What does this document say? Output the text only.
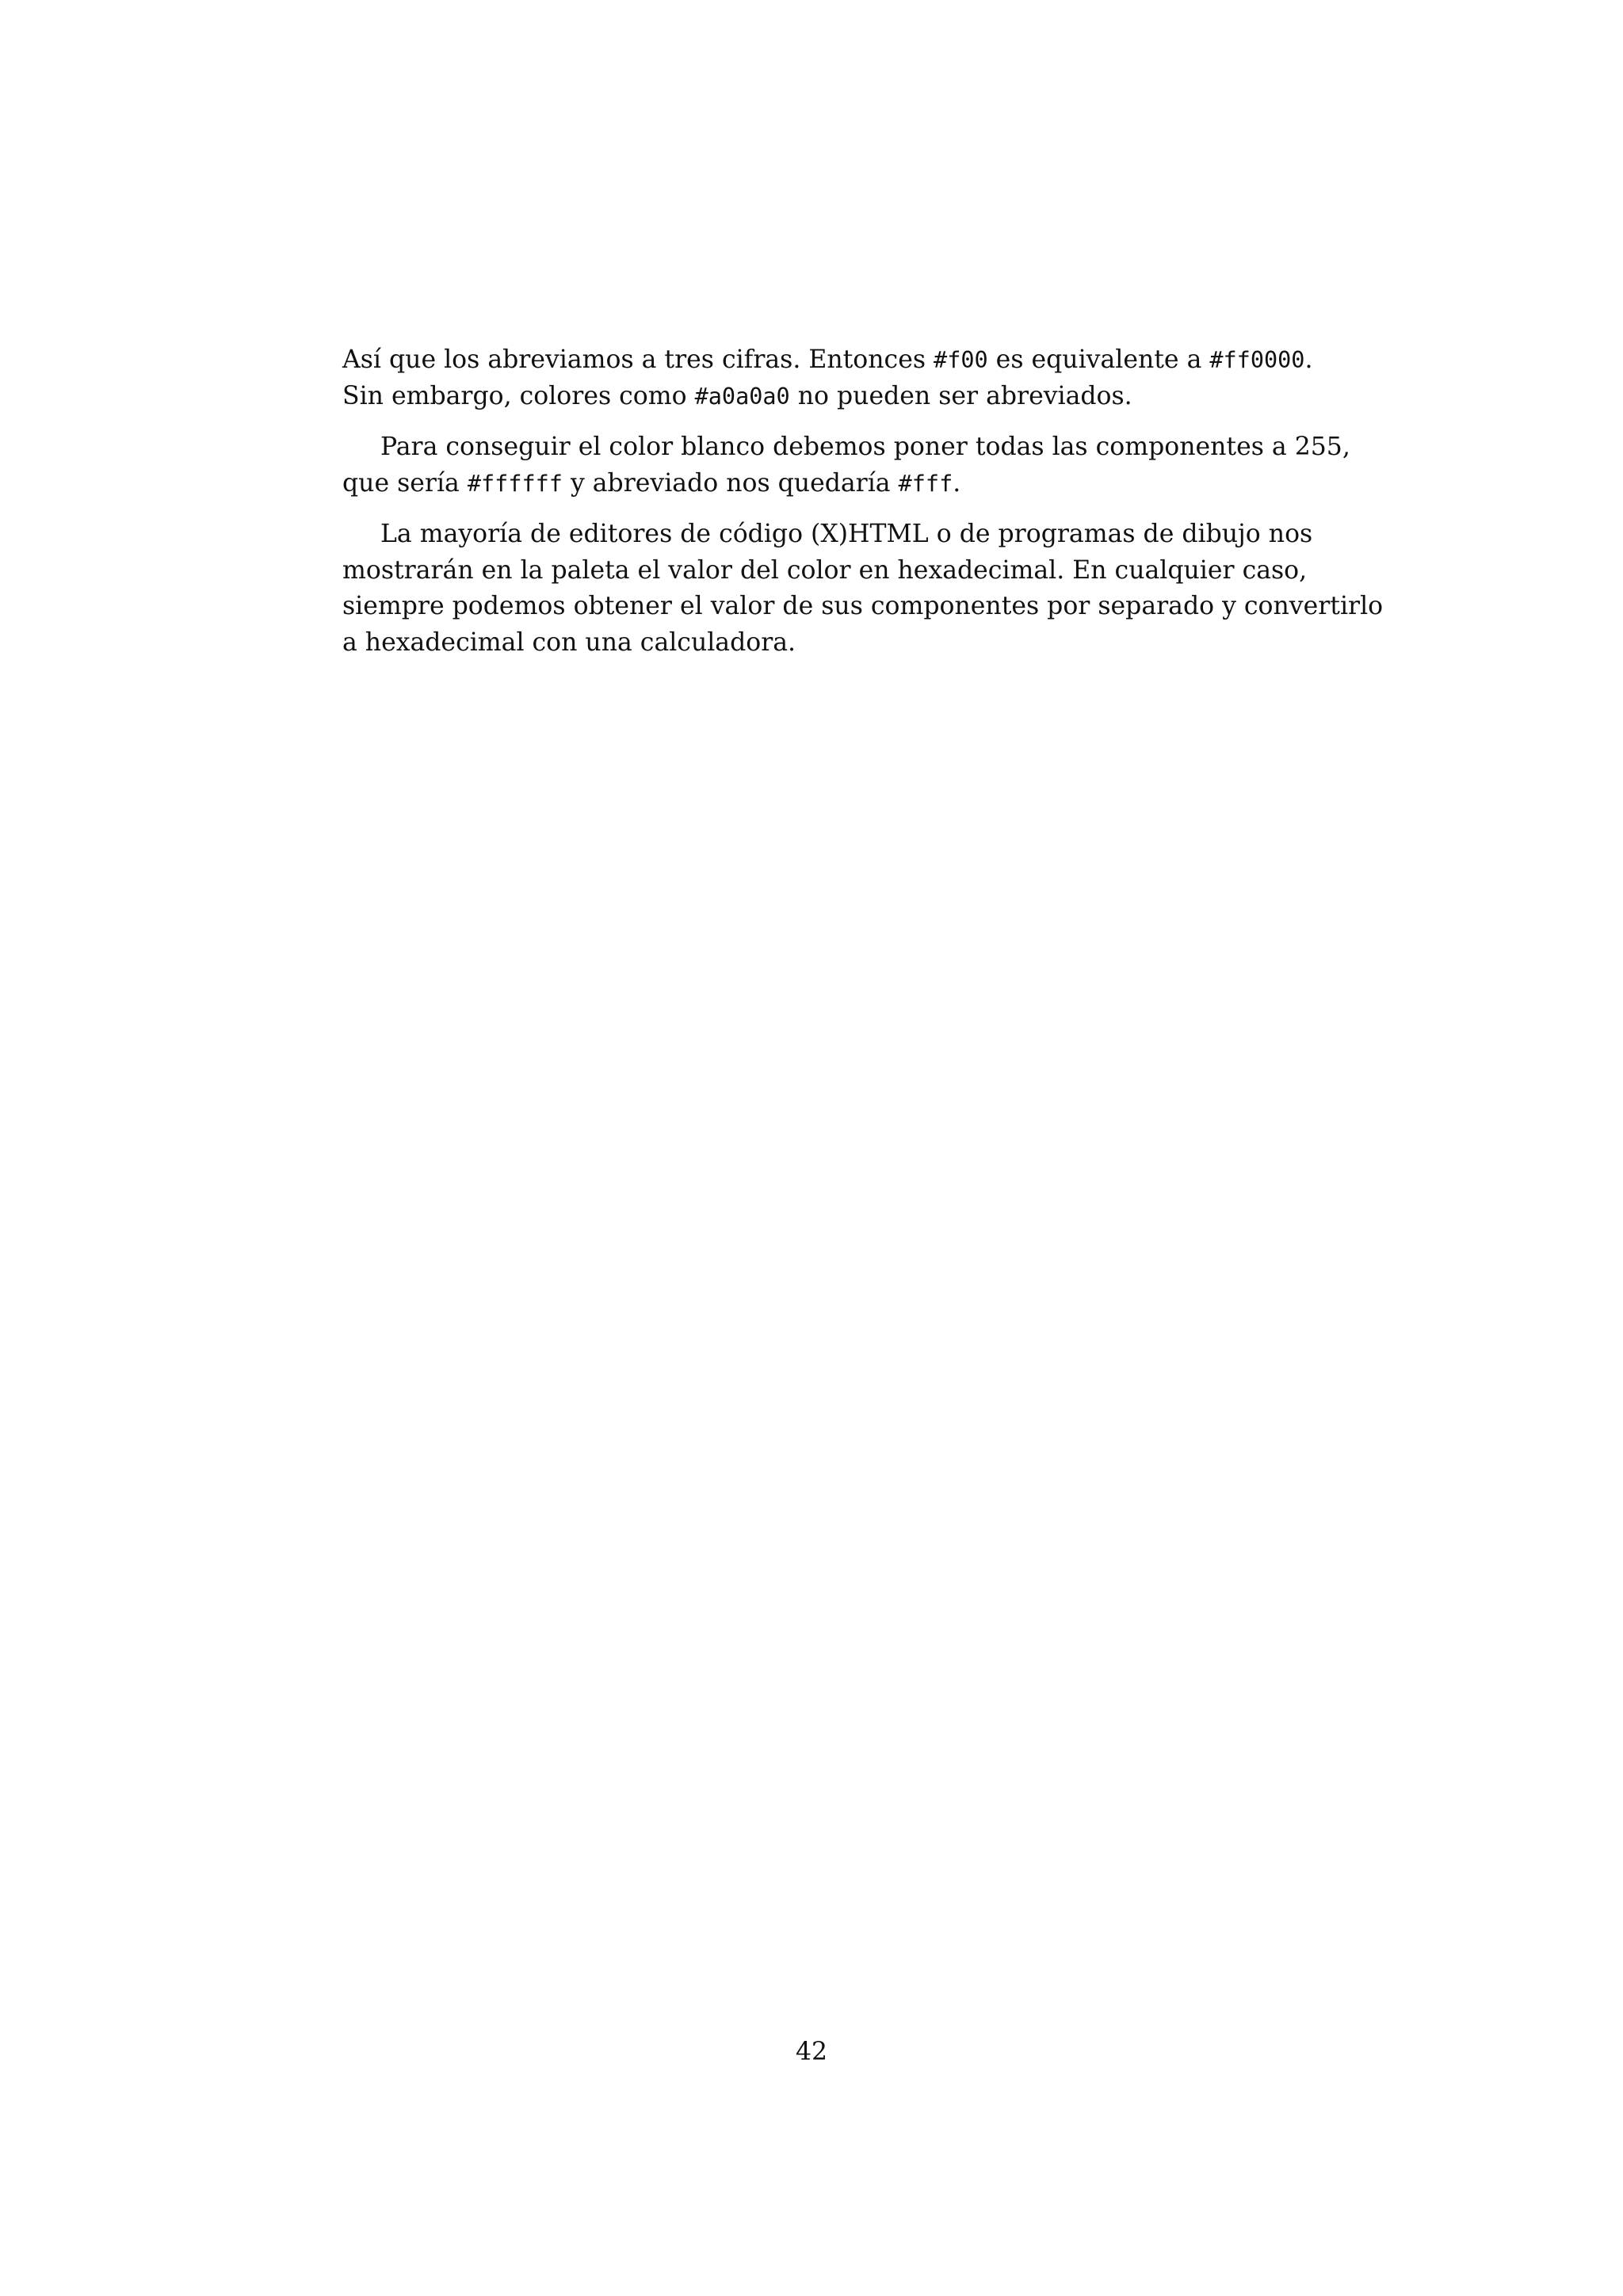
Así que los abreviamos a tres cifras. Entonces #f00 es equivalente a #ff0000.
Sin embargo, colores como #a0a0a0 no pueden ser abreviados.

Para conseguir el color blanco debemos poner todas las componentes a 255,
que sería #ffffff y abreviado nos quedaría #fff.

La mayoría de editores de código (X)HTML o de programas de dibujo nos
mostrarán en la paleta el valor del color en hexadecimal. En cualquier caso,
siempre podemos obtener el valor de sus componentes por separado y convertirlo
a hexadecimal con una calculadora.

42
